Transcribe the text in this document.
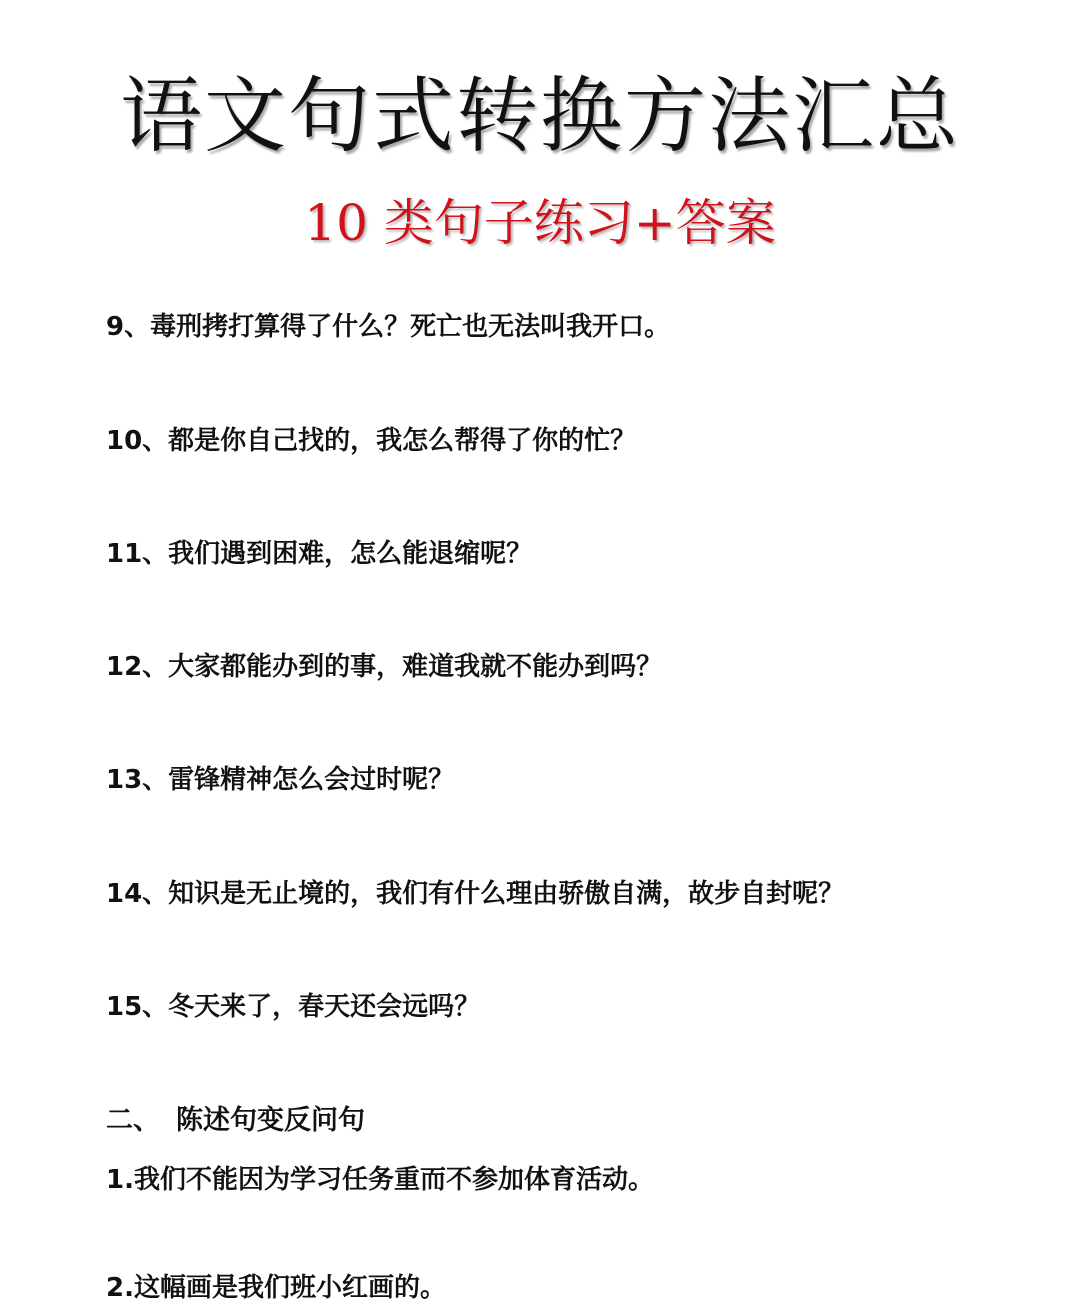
语文句式转换方法汇总
10 类句子练习+答案
9、毒刑拷打算得了什么？死亡也无法叫我开口。
10、都是你自己找的，我怎么帮得了你的忙？
11、我们遇到困难，怎么能退缩呢？
12、大家都能办到的事，难道我就不能办到吗？
13、雷锋精神怎么会过时呢？
14、知识是无止境的，我们有什么理由骄傲自满，故步自封呢？
15、冬天来了，春天还会远吗？
二、 陈述句变反问句
1.我们不能因为学习任务重而不参加体育活动。
2.这幅画是我们班小红画的。
